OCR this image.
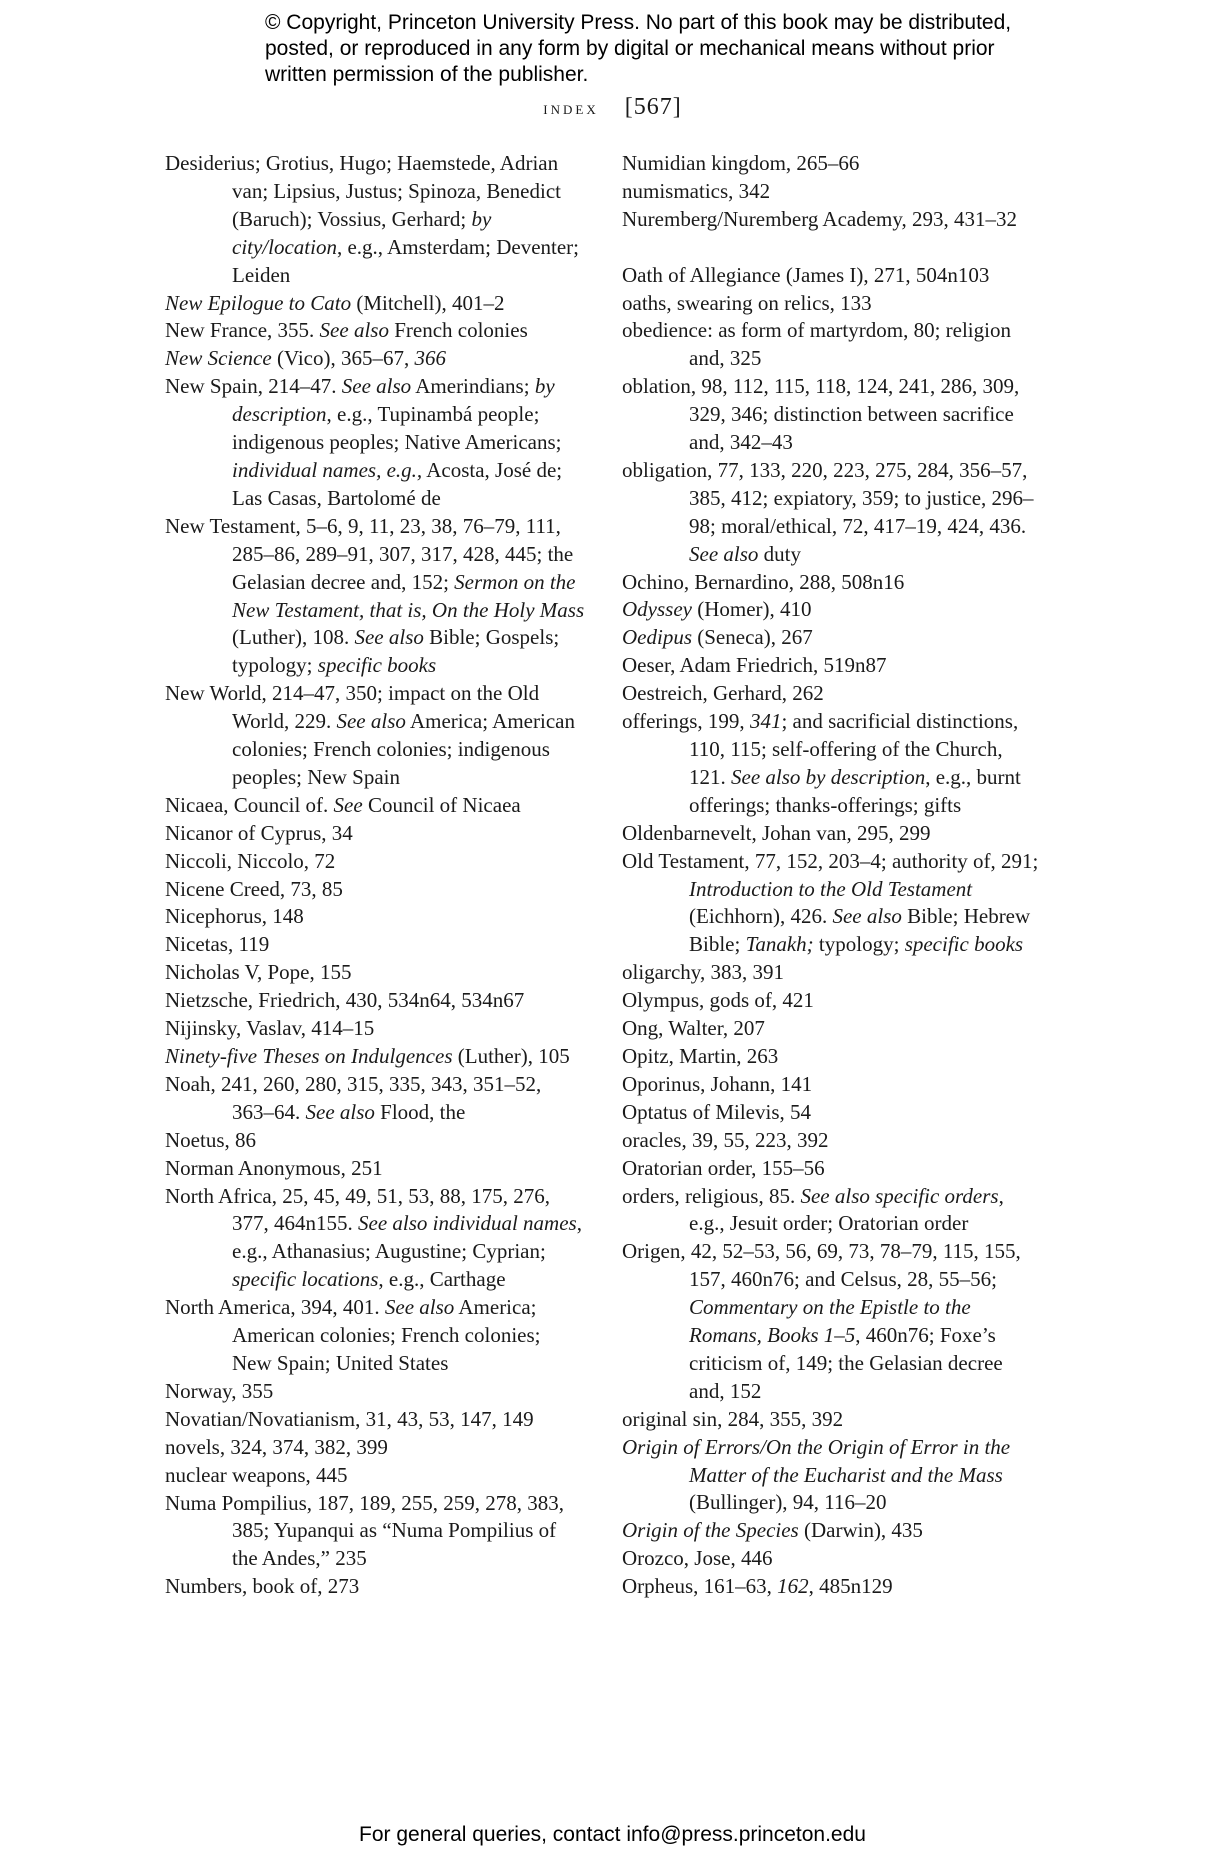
© Copyright, Princeton University Press. No part of this book may be distributed, posted, or reproduced in any form by digital or mechanical means without prior written permission of the publisher.
index [567]
Desiderius; Grotius, Hugo; Haemstede, Adrian van; Lipsius, Justus; Spinoza, Benedict (Baruch); Vossius, Gerhard; by city/location, e.g., Amsterdam; Deventer; Leiden
New Epilogue to Cato (Mitchell), 401–2
New France, 355. See also French colonies
New Science (Vico), 365–67, 366
New Spain, 214–47. See also Amerindians; by description, e.g., Tupinambá people; indigenous peoples; Native Americans; individual names, e.g., Acosta, José de; Las Casas, Bartolomé de
New Testament, 5–6, 9, 11, 23, 38, 76–79, 111, 285–86, 289–91, 307, 317, 428, 445; the Gelasian decree and, 152; Sermon on the New Testament, that is, On the Holy Mass (Luther), 108. See also Bible; Gospels; typology; specific books
New World, 214–47, 350; impact on the Old World, 229. See also America; American colonies; French colonies; indigenous peoples; New Spain
Nicaea, Council of. See Council of Nicaea
Nicanor of Cyprus, 34
Niccoli, Niccolo, 72
Nicene Creed, 73, 85
Nicephorus, 148
Nicetas, 119
Nicholas V, Pope, 155
Nietzsche, Friedrich, 430, 534n64, 534n67
Nijinsky, Vaslav, 414–15
Ninety-five Theses on Indulgences (Luther), 105
Noah, 241, 260, 280, 315, 335, 343, 351–52, 363–64. See also Flood, the
Noetus, 86
Norman Anonymous, 251
North Africa, 25, 45, 49, 51, 53, 88, 175, 276, 377, 464n155. See also individual names, e.g., Athanasius; Augustine; Cyprian; specific locations, e.g., Carthage
North America, 394, 401. See also America; American colonies; French colonies; New Spain; United States
Norway, 355
Novatian/Novatianism, 31, 43, 53, 147, 149
novels, 324, 374, 382, 399
nuclear weapons, 445
Numa Pompilius, 187, 189, 255, 259, 278, 383, 385; Yupanqui as “Numa Pompilius of the Andes,” 235
Numbers, book of, 273
Numidian kingdom, 265–66
numismatics, 342
Nuremberg/Nuremberg Academy, 293, 431–32
Oath of Allegiance (James I), 271, 504n103
oaths, swearing on relics, 133
obedience: as form of martyrdom, 80; religion and, 325
oblation, 98, 112, 115, 118, 124, 241, 286, 309, 329, 346; distinction between sacrifice and, 342–43
obligation, 77, 133, 220, 223, 275, 284, 356–57, 385, 412; expiatory, 359; to justice, 296–98; moral/ethical, 72, 417–19, 424, 436. See also duty
Ochino, Bernardino, 288, 508n16
Odyssey (Homer), 410
Oedipus (Seneca), 267
Oeser, Adam Friedrich, 519n87
Oestreich, Gerhard, 262
offerings, 199, 341; and sacrificial distinctions, 110, 115; self-offering of the Church, 121. See also by description, e.g., burnt offerings; thanks-offerings; gifts
Oldenbarnevelt, Johan van, 295, 299
Old Testament, 77, 152, 203–4; authority of, 291; Introduction to the Old Testament (Eichhorn), 426. See also Bible; Hebrew Bible; Tanakh; typology; specific books
oligarchy, 383, 391
Olympus, gods of, 421
Ong, Walter, 207
Opitz, Martin, 263
Oporinus, Johann, 141
Optatus of Milevis, 54
oracles, 39, 55, 223, 392
Oratorian order, 155–56
orders, religious, 85. See also specific orders, e.g., Jesuit order; Oratorian order
Origen, 42, 52–53, 56, 69, 73, 78–79, 115, 155, 157, 460n76; and Celsus, 28, 55–56; Commentary on the Epistle to the Romans, Books 1–5, 460n76; Foxe’s criticism of, 149; the Gelasian decree and, 152
original sin, 284, 355, 392
Origin of Errors/On the Origin of Error in the Matter of the Eucharist and the Mass (Bullinger), 94, 116–20
Origin of the Species (Darwin), 435
Orozco, Jose, 446
Orpheus, 161–63, 162, 485n129
For general queries, contact info@press.princeton.edu
